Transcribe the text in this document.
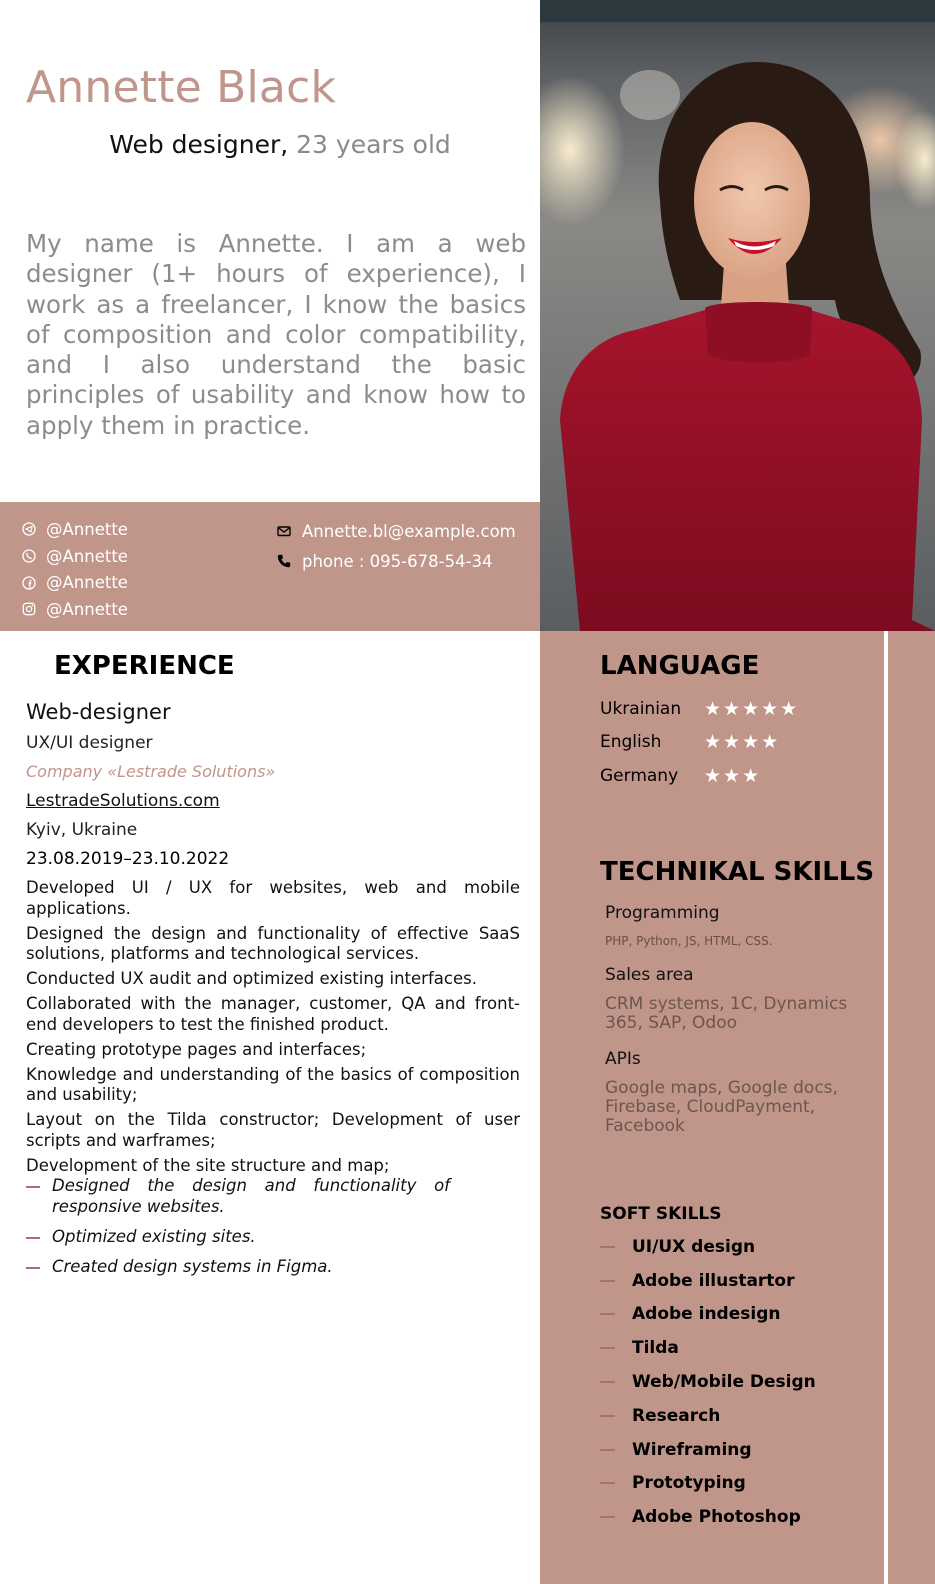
Annette Black
Web designer, 23 years old

My name is Annette. I am a web designer (1+ hours of experience), I work as a freelancer, I know the basics of composition and color compatibility, and I also understand the basic principles of usability and know how to apply them in practice.

@Annette
@Annette
@Annette
@Annette
Annette.bl@example.com
phone : 095-678-54-34
LANGUAGE
Ukrainian	★★★★★
English	★★★★
Germany	★★★
TECHNIKAL SKILLS
Programming
PHP, Python, JS, HTML, CSS.
Sales area
CRM systems, 1C, Dynamics 365, SAP, Odoo
APIs
Google maps, Google docs, Firebase, CloudPayment, Facebook
SOFT SKILLS
UI/UX design
Adobe illustartor
Adobe indesign
Tilda
Web/Mobile Design
Research
Wireframing
Prototyping
Adobe Photoshop
EXPERIENCE
Web-designer
UX/UI designer
Company «Lestrade Solutions»
LestradeSolutions.com
Kyiv, Ukraine
23.08.2019–23.10.2022

Developed UI / UX for websites, web and mobile applications.

Designed the design and functionality of effective SaaS solutions, platforms and technological services.

Conducted UX audit and optimized existing interfaces.

Collaborated with the manager, customer, QA and front-end developers to test the finished product.

Creating prototype pages and interfaces;

Knowledge and understanding of the basics of composition and usability;

Layout on the Tilda constructor; Development of user scripts and warframes;

Development of the site structure and map;

Designed the design and functionality of responsive websites.
Optimized existing sites.
Created design systems in Figma.
